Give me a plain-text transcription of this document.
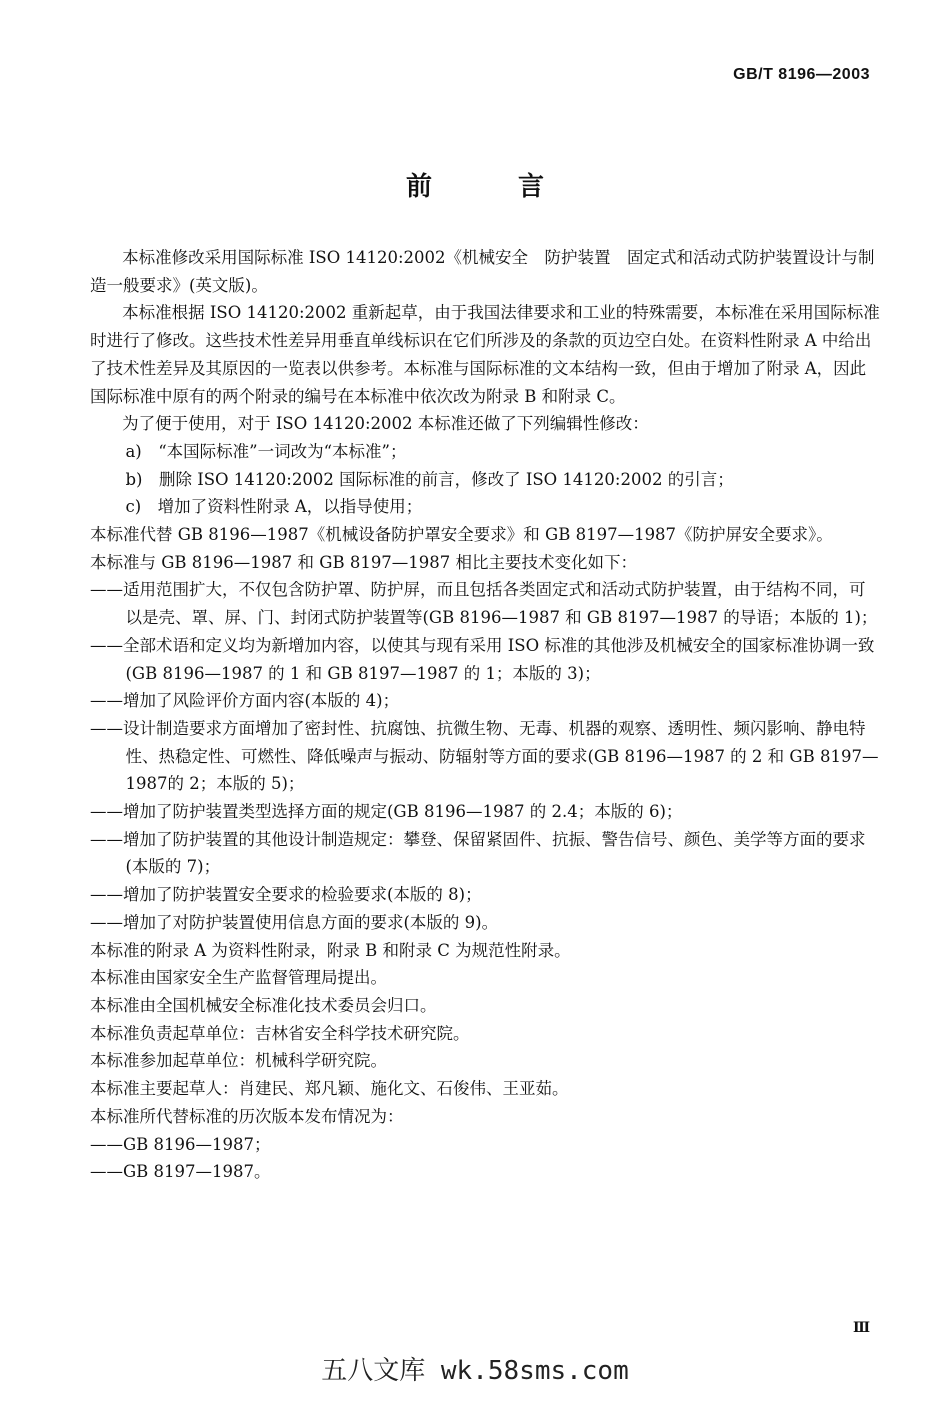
GB/T 8196—2003
前　言

本标准修改采用国际标准 ISO 14120:2002《机械安全　防护装置　固定式和活动式防护装置设计与制造一般要求》(英文版)。

本标准根据 ISO 14120:2002 重新起草，由于我国法律要求和工业的特殊需要，本标准在采用国际标准时进行了修改。这些技术性差异用垂直单线标识在它们所涉及的条款的页边空白处。在资料性附录 A 中给出了技术性差异及其原因的一览表以供参考。本标准与国际标准的文本结构一致，但由于增加了附录 A，因此国际标准中原有的两个附录的编号在本标准中依次改为附录 B 和附录 C。

为了便于使用，对于 ISO 14120:2002 本标准还做了下列编辑性修改：

a)　“本国际标准”一词改为“本标准”；

b)　删除 ISO 14120:2002 国际标准的前言，修改了 ISO 14120:2002 的引言；

c)　增加了资料性附录 A，以指导使用；

本标准代替 GB 8196—1987《机械设备防护罩安全要求》和 GB 8197—1987《防护屏安全要求》。

本标准与 GB 8196—1987 和 GB 8197—1987 相比主要技术变化如下：

——适用范围扩大，不仅包含防护罩、防护屏，而且包括各类固定式和活动式防护装置，由于结构不同，可以是壳、罩、屏、门、封闭式防护装置等(GB 8196—1987 和 GB 8197—1987 的导语；本版的 1)；

——全部术语和定义均为新增加内容，以使其与现有采用 ISO 标准的其他涉及机械安全的国家标准协调一致(GB 8196—1987 的 1 和 GB 8197—1987 的 1；本版的 3)；

——增加了风险评价方面内容(本版的 4)；

——设计制造要求方面增加了密封性、抗腐蚀、抗微生物、无毒、机器的观察、透明性、频闪影响、静电特性、热稳定性、可燃性、降低噪声与振动、防辐射等方面的要求(GB 8196—1987 的 2 和 GB 8197—1987的 2；本版的 5)；

——增加了防护装置类型选择方面的规定(GB 8196—1987 的 2.4；本版的 6)；

——增加了防护装置的其他设计制造规定：攀登、保留紧固件、抗振、警告信号、颜色、美学等方面的要求(本版的 7)；

——增加了防护装置安全要求的检验要求(本版的 8)；

——增加了对防护装置使用信息方面的要求(本版的 9)。

本标准的附录 A 为资料性附录，附录 B 和附录 C 为规范性附录。

本标准由国家安全生产监督管理局提出。

本标准由全国机械安全标准化技术委员会归口。

本标准负责起草单位：吉林省安全科学技术研究院。

本标准参加起草单位：机械科学研究院。

本标准主要起草人：肖建民、郑凡颖、施化文、石俊伟、王亚茹。

本标准所代替标准的历次版本发布情况为：

——GB 8196—1987；

——GB 8197—1987。

Ⅲ
五八文库 wk.58sms.com
